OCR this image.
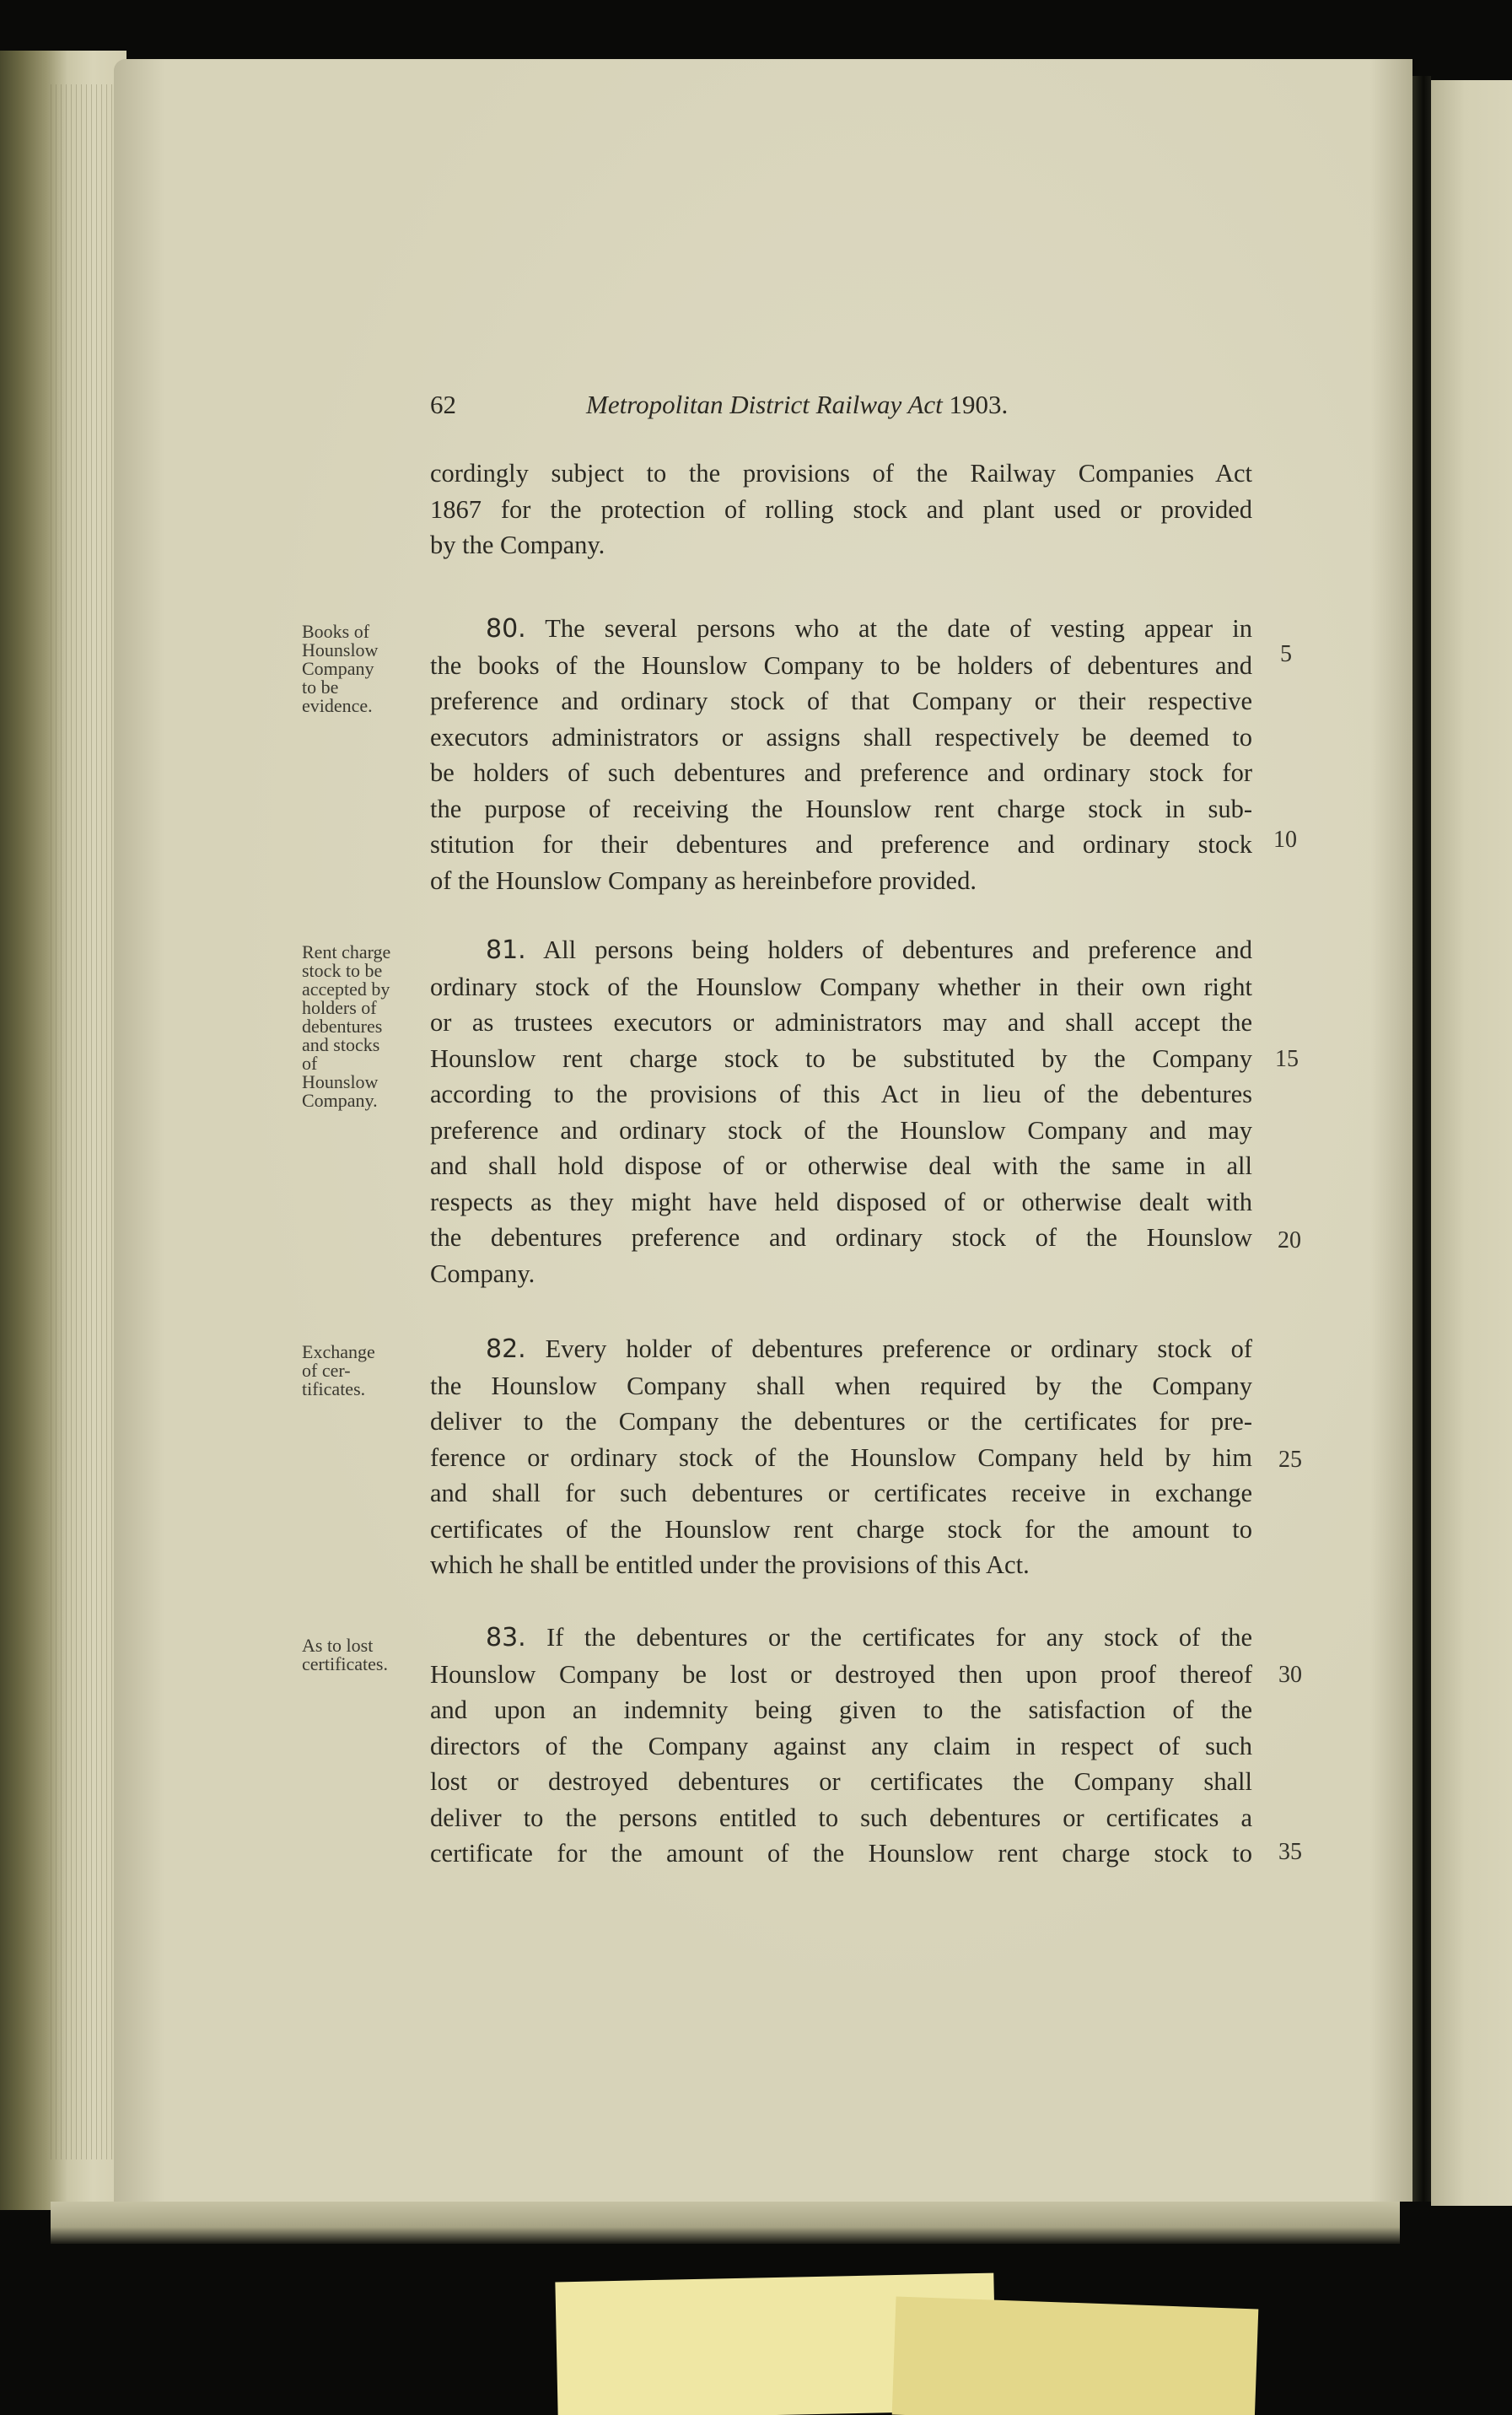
62	Metropolitan District Railway Act 1903.
cordingly subject to the provisions of the Railway Companies Act
1867 for the protection of rolling stock and plant used or provided
by the Company.
Books of
Hounslow
Company
to be
evidence.
80. The several persons who at the date of vesting appear in
the books of the Hounslow Company to be holders of debentures and
preference and ordinary stock of that Company or their respective
executors administrators or assigns shall respectively be deemed to
be holders of such debentures and preference and ordinary stock for
the purpose of receiving the Hounslow rent charge stock in sub-
stitution for their debentures and preference and ordinary stock
of the Hounslow Company as hereinbefore provided.
Rent charge
stock to be
accepted by
holders of
debentures
and stocks
of
Hounslow
Company.
81. All persons being holders of debentures and preference and
ordinary stock of the Hounslow Company whether in their own right
or as trustees executors or administrators may and shall accept the
Hounslow rent charge stock to be substituted by the Company
according to the provisions of this Act in lieu of the debentures
preference and ordinary stock of the Hounslow Company and may
and shall hold dispose of or otherwise deal with the same in all
respects as they might have held disposed of or otherwise dealt with
the debentures preference and ordinary stock of the Hounslow
Company.
Exchange
of cer-
tificates.
82. Every holder of debentures preference or ordinary stock of
the Hounslow Company shall when required by the Company
deliver to the Company the debentures or the certificates for pre-
ference or ordinary stock of the Hounslow Company held by him
and shall for such debentures or certificates receive in exchange
certificates of the Hounslow rent charge stock for the amount to
which he shall be entitled under the provisions of this Act.
As to lost
certificates.
83. If the debentures or the certificates for any stock of the
Hounslow Company be lost or destroyed then upon proof thereof
and upon an indemnity being given to the satisfaction of the
directors of the Company against any claim in respect of such
lost or destroyed debentures or certificates the Company shall
deliver to the persons entitled to such debentures or certificates a
certificate for the amount of the Hounslow rent charge stock to
5
10
15
20
25
30
35
